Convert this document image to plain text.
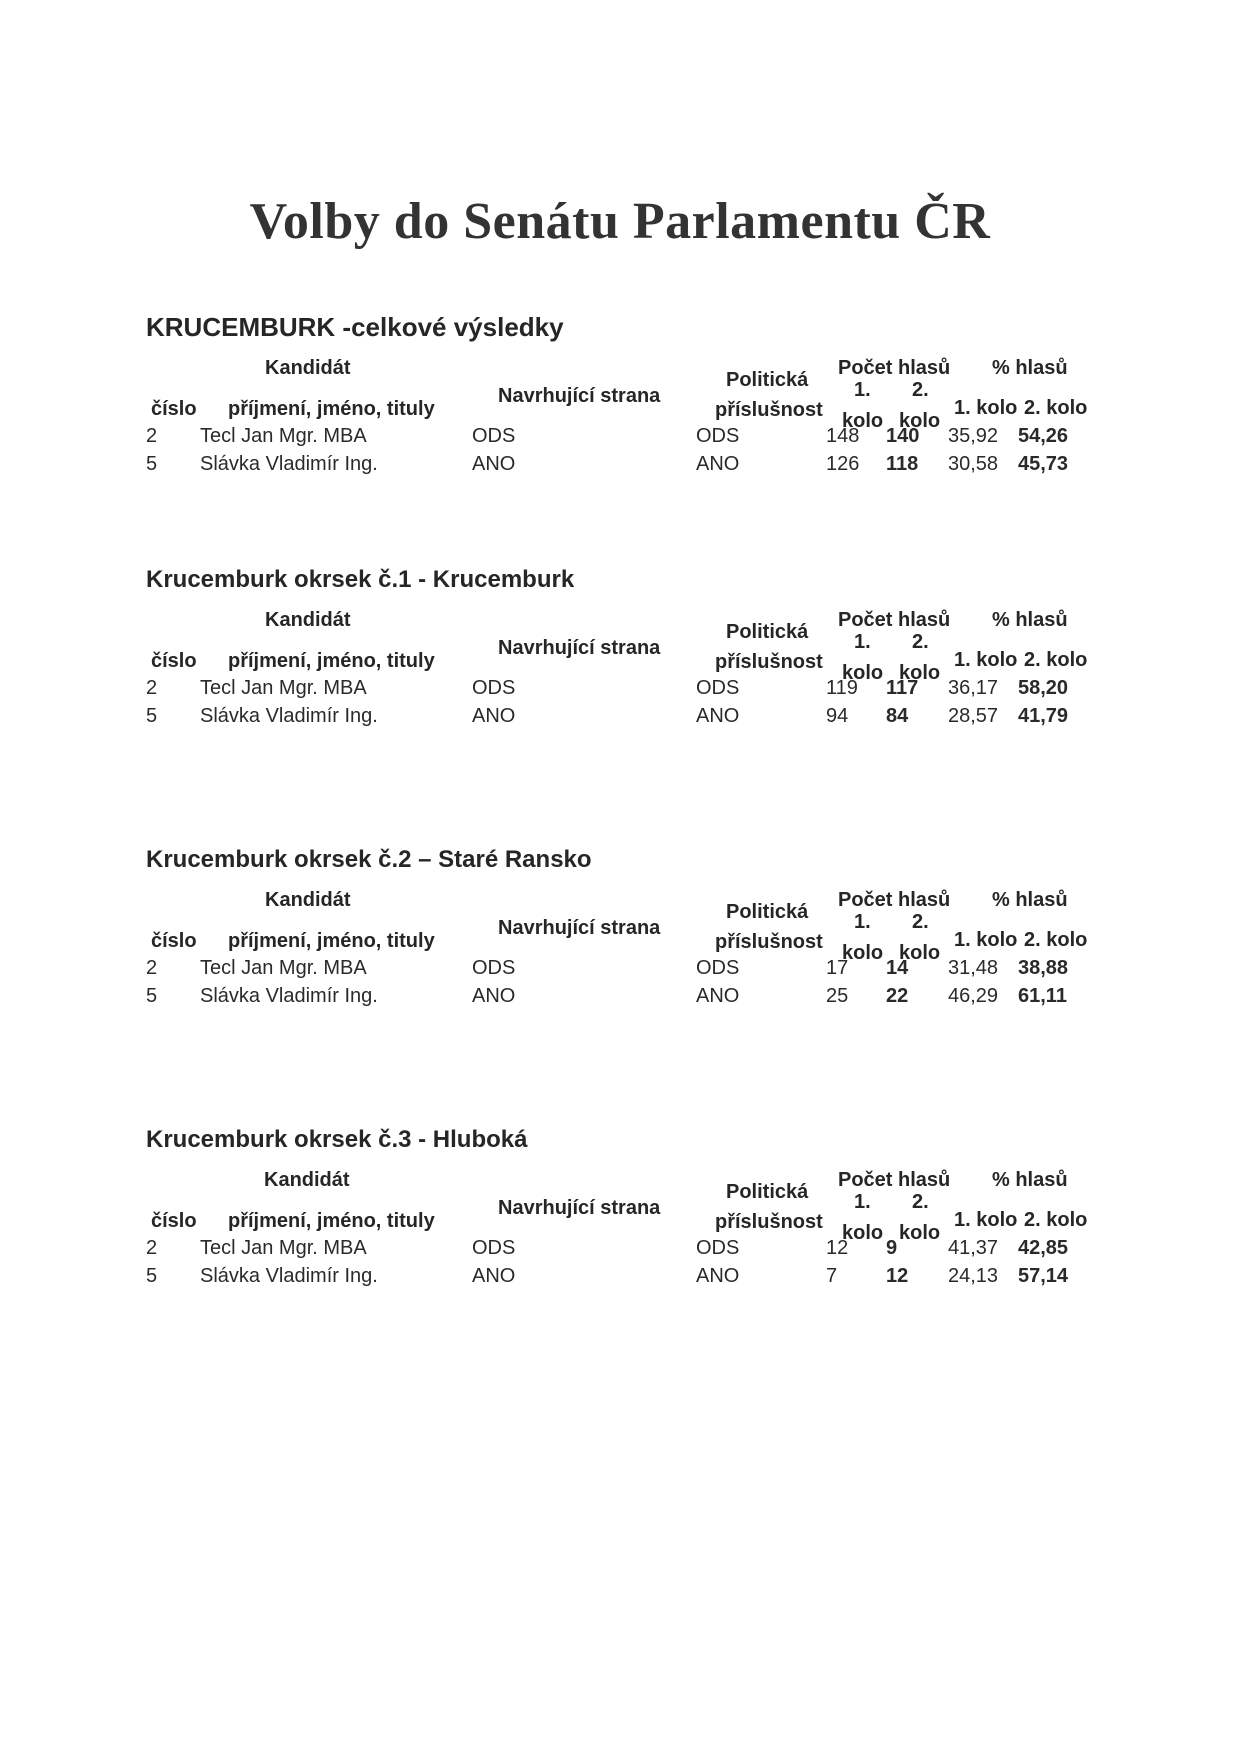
Volby do Senátu Parlamentu ČR
KRUCEMBURK -celkové výsledky
Kandidát
číslo příjmení, jméno, tituly
Navrhující strana
Politická
příslušnost
Počet hlasů % hlasů
1. 2.
kolo kolo
1. kolo 2. kolo
2 Tecl Jan Mgr. MBA	ODS	ODS	148 140 35,92 54,26
5 Slávka Vladimír Ing.	ANO	ANO	126 118 30,58 45,73
Krucemburk okrsek č.1 - Krucemburk
Kandidát
číslo příjmení, jméno, tituly
Navrhující strana
Politická
příslušnost
Počet hlasů % hlasů
1. 2.
kolo kolo
1. kolo 2. kolo
2 Tecl Jan Mgr. MBA	ODS	ODS	119 117 36,17 58,20
5 Slávka Vladimír Ing.	ANO	ANO	94 84 28,57 41,79
Krucemburk okrsek č.2 – Staré Ransko
Kandidát
číslo příjmení, jméno, tituly
Navrhující strana
Politická
příslušnost
Počet hlasů % hlasů
1. 2.
kolo kolo
1. kolo 2. kolo
2 Tecl Jan Mgr. MBA	ODS	ODS	17 14 31,48 38,88
5 Slávka Vladimír Ing.	ANO	ANO	25 22 46,29 61,11
Krucemburk okrsek č.3 - Hluboká
Kandidát
číslo příjmení, jméno, tituly
Navrhující strana
Politická
příslušnost
Počet hlasů % hlasů
1. 2.
kolo kolo
1. kolo 2. kolo
2 Tecl Jan Mgr. MBA	ODS	ODS	12 9	41,37 42,85
5 Slávka Vladimír Ing.	ANO	ANO	7 12 24,13 57,14
